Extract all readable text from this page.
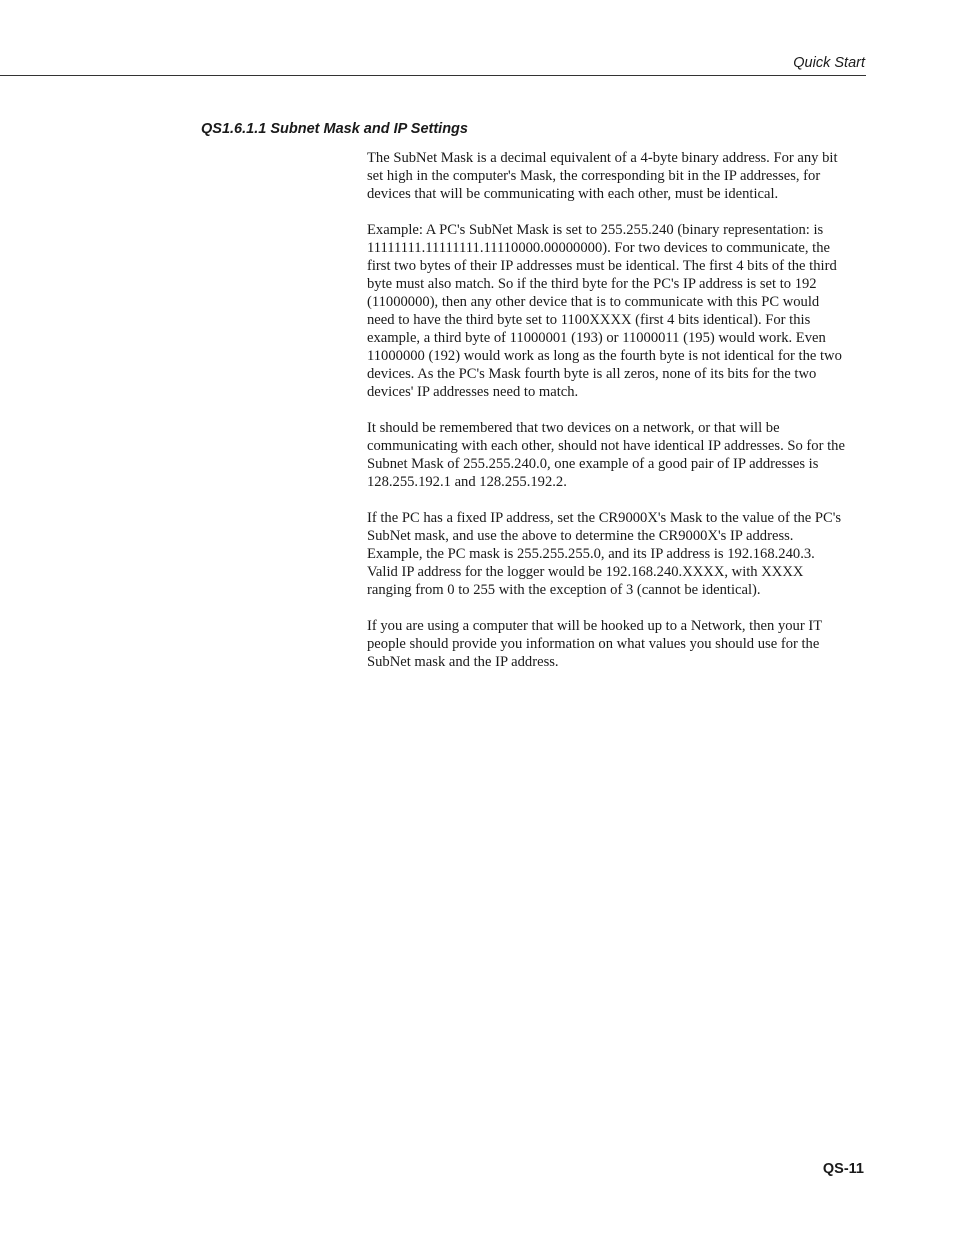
Quick Start
QS1.6.1.1 Subnet Mask and IP Settings

The SubNet Mask is a decimal equivalent of a 4-byte binary address. For any bit set high in the computer's Mask, the corresponding bit in the IP addresses, for devices that will be communicating with each other, must be identical.

Example: A PC's SubNet Mask is set to 255.255.240 (binary representation: is 11111111.11111111.11110000.00000000). For two devices to communicate, the first two bytes of their IP addresses must be identical. The first 4 bits of the third byte must also match. So if the third byte for the PC's IP address is set to 192 (11000000), then any other device that is to communicate with this PC would need to have the third byte set to 1100XXXX (first 4 bits identical). For this example, a third byte of 11000001 (193) or 11000011 (195) would work. Even 11000000 (192) would work as long as the fourth byte is not identical for the two devices. As the PC's Mask fourth byte is all zeros, none of its bits for the two devices' IP addresses need to match.

It should be remembered that two devices on a network, or that will be communicating with each other, should not have identical IP addresses. So for the Subnet Mask of 255.255.240.0, one example of a good pair of IP addresses is 128.255.192.1 and 128.255.192.2.

If the PC has a fixed IP address, set the CR9000X's Mask to the value of the PC's SubNet mask, and use the above to determine the CR9000X's IP address. Example, the PC mask is 255.255.255.0, and its IP address is 192.168.240.3. Valid IP address for the logger would be 192.168.240.XXXX, with XXXX ranging from 0 to 255 with the exception of 3 (cannot be identical).

If you are using a computer that will be hooked up to a Network, then your IT people should provide you information on what values you should use for the SubNet mask and the IP address.

QS-11
